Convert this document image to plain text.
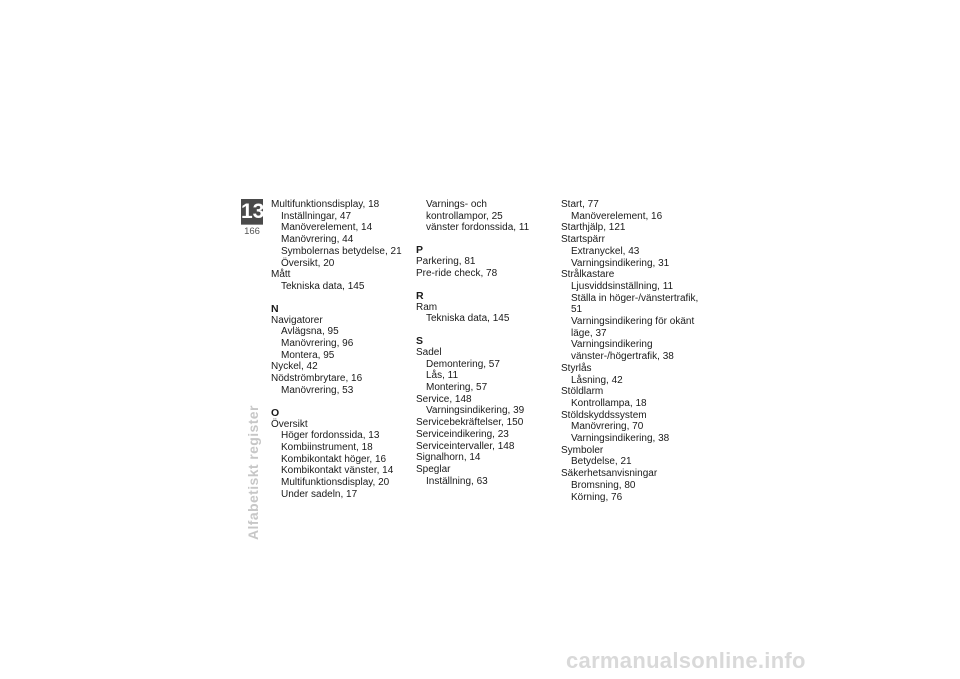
13
166
Alfabetiskt register
Multifunktionsdisplay, 18
Inställningar, 47
Manöverelement, 14
Manövrering, 44
Symbolernas betydelse, 21
Översikt, 20
Mått
Tekniska data, 145
N
Navigatorer
Avlägsna, 95
Manövrering, 96
Montera, 95
Nyckel, 42
Nödströmbrytare, 16
Manövrering, 53
O
Översikt
Höger fordonssida, 13
Kombiinstrument, 18
Kombikontakt höger, 16
Kombikontakt vänster, 14
Multifunktionsdisplay, 20
Under sadeln, 17
Varnings- och kontrollampor, 25
vänster fordonssida, 11
P
Parkering, 81
Pre-ride check, 78
R
Ram
Tekniska data, 145
S
Sadel
Demontering, 57
Lås, 11
Montering, 57
Service, 148
Varningsindikering, 39
Servicebekräftelser, 150
Serviceindikering, 23
Serviceintervaller, 148
Signalhorn, 14
Speglar
Inställning, 63
Start, 77
Manöverelement, 16
Starthjälp, 121
Startspärr
Extranyckel, 43
Varningsindikering, 31
Strålkastare
Ljusviddsinställning, 11
Ställa in höger-/vänstertrafik, 51
Varningsindikering för okänt läge, 37
Varningsindikering vänster-/högertrafik, 38
Styrlås
Låsning, 42
Stöldlarm
Kontrollampa, 18
Stöldskyddssystem
Manövrering, 70
Varningsindikering, 38
Symboler
Betydelse, 21
Säkerhetsanvisningar
Bromsning, 80
Körning, 76
carmanualsonline.info
